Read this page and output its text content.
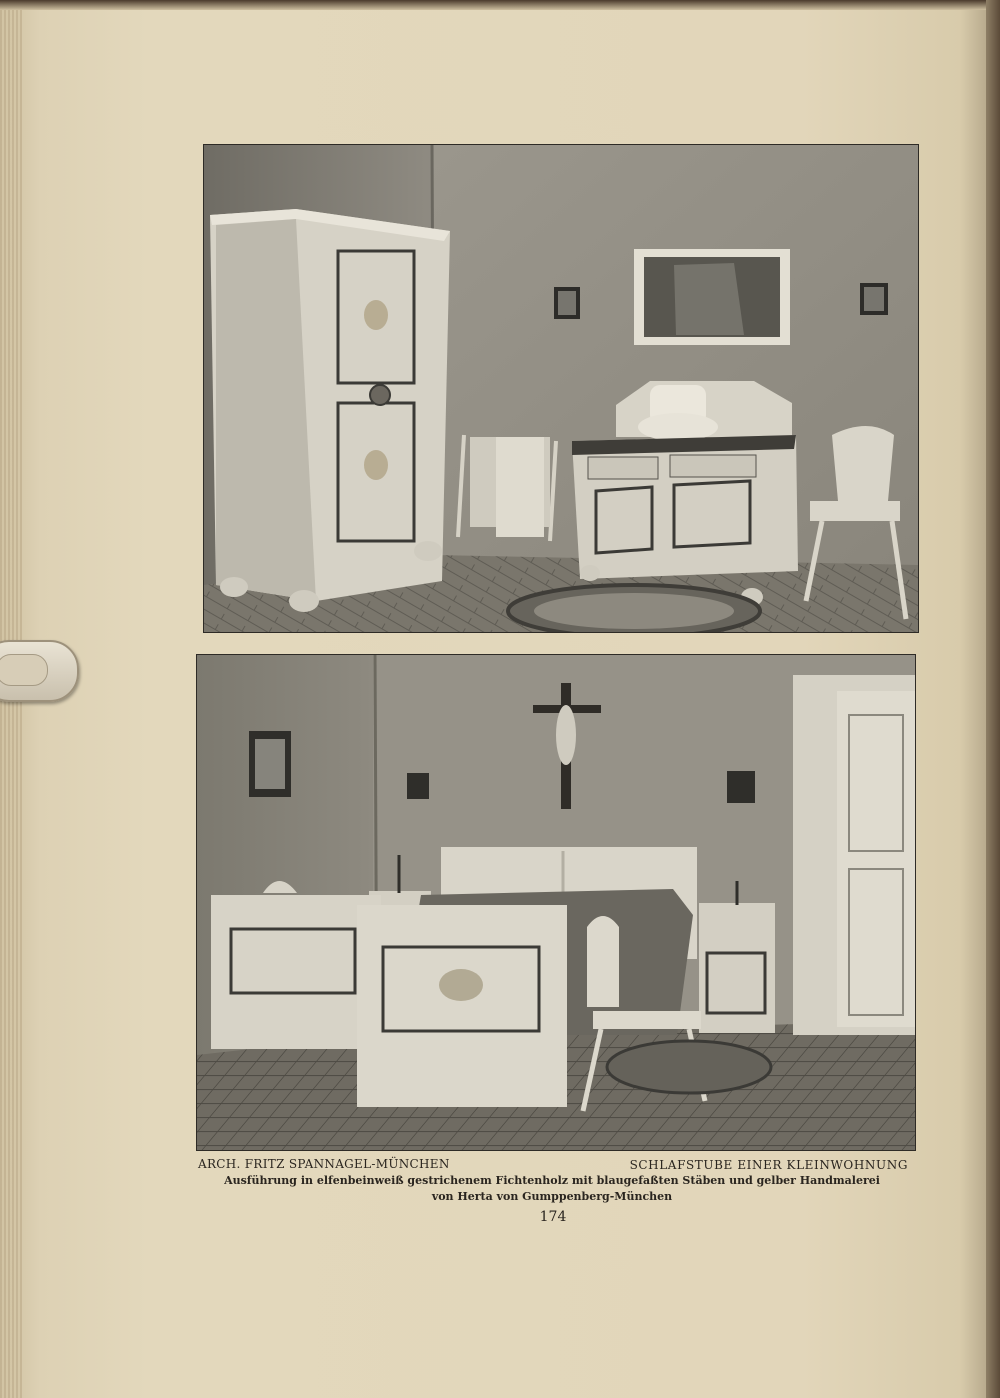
ARCH. FRITZ SPANNAGEL-MÜNCHEN	SCHLAFSTUBE EINER KLEINWOHNUNG
Ausführung in elfenbeinweiß gestrichenem Fichtenholz mit blaugefaßten Stäben und gelber Handmalerei
von Herta von Gumppenberg-München
174
